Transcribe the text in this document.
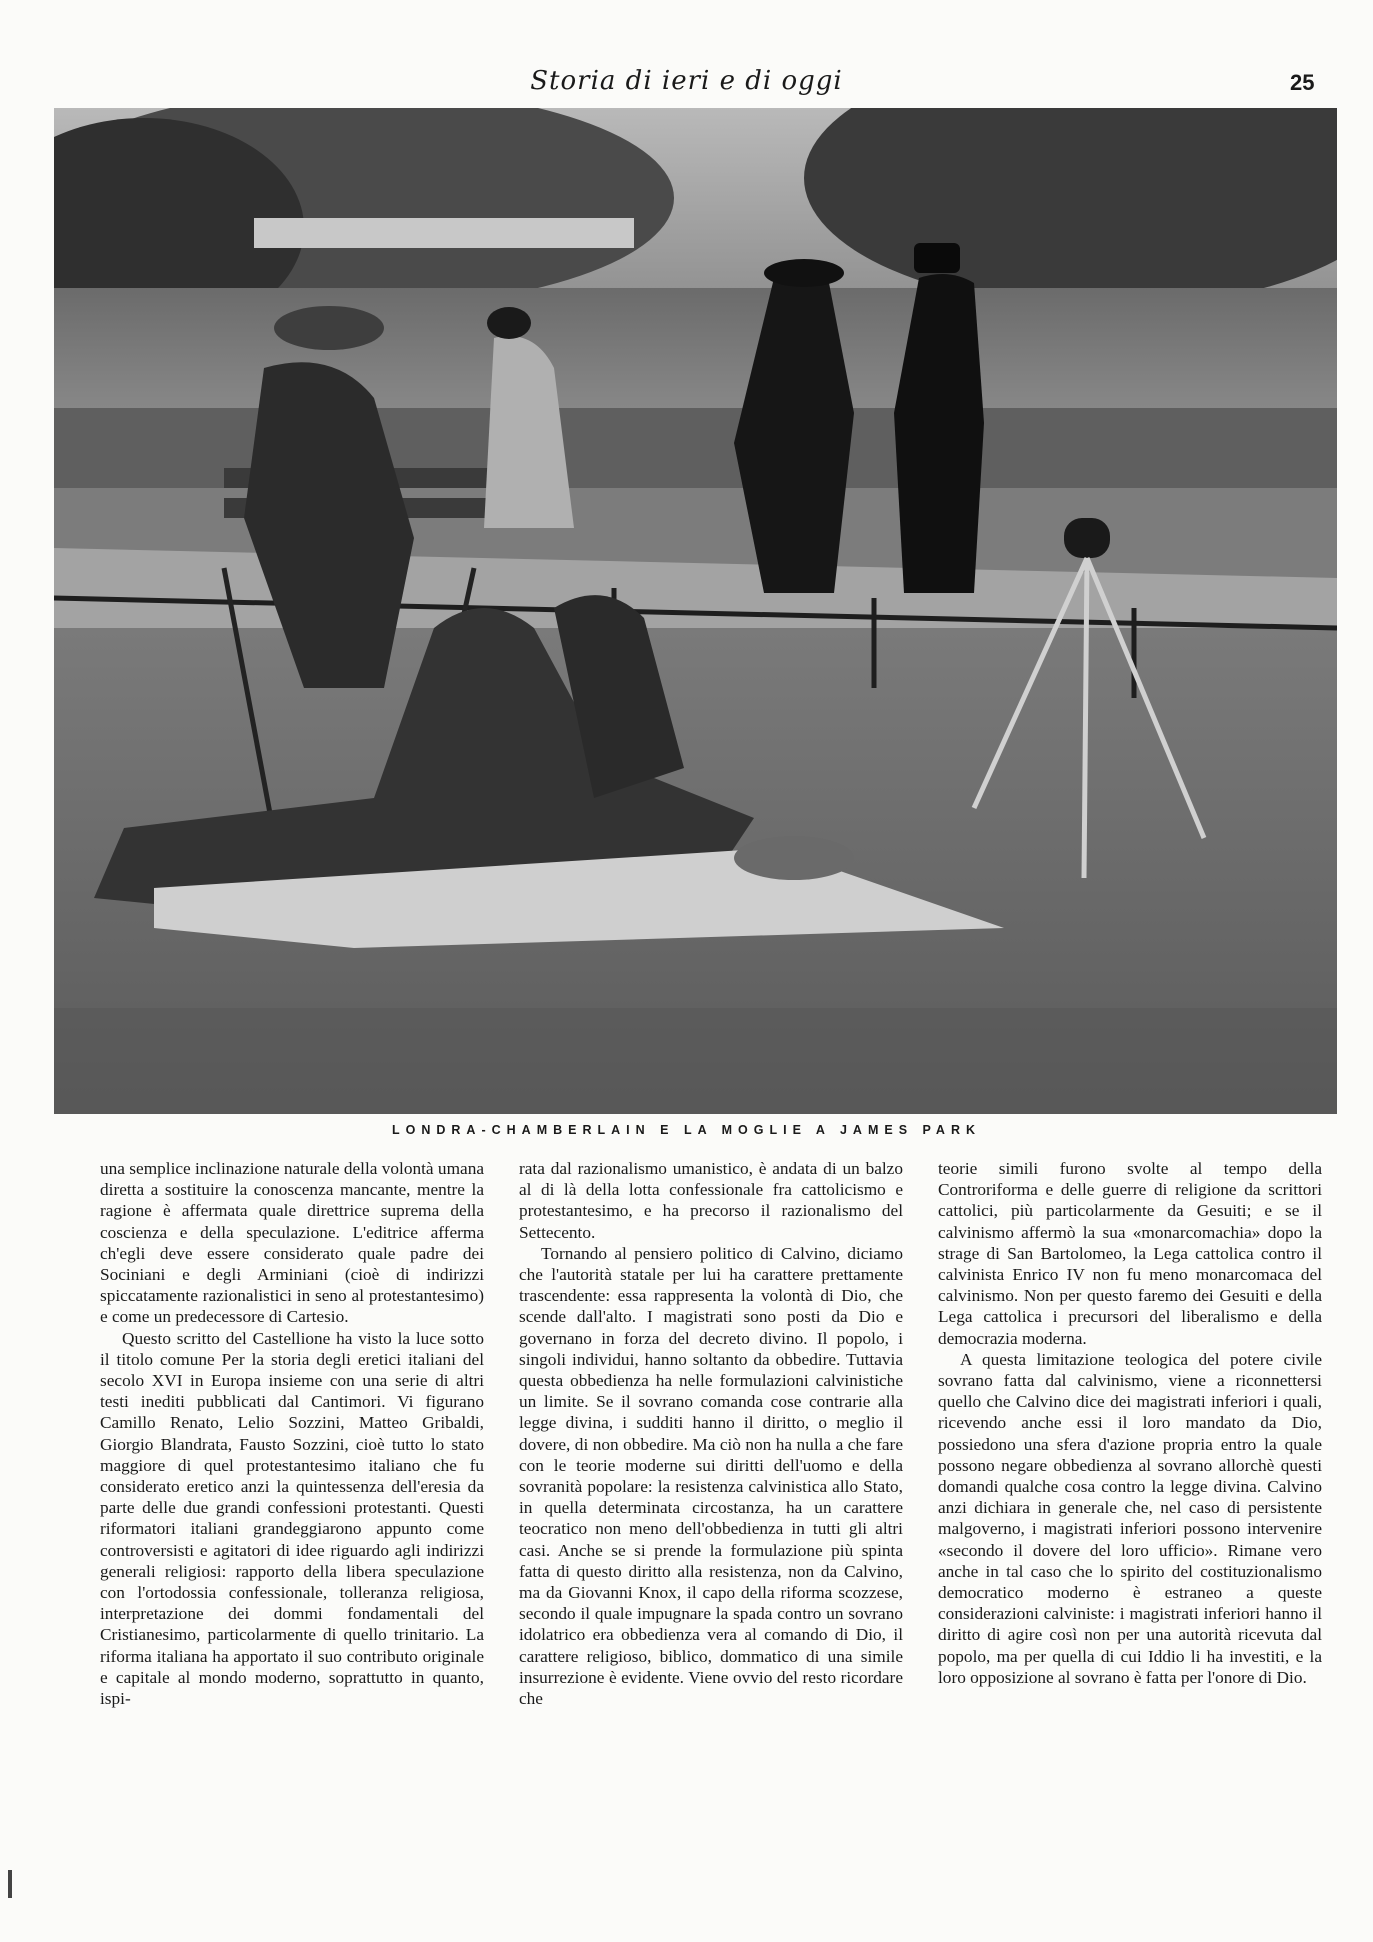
Storia di ieri e di oggi	25
LONDRA-CHAMBERLAIN E LA MOGLIE A JAMES PARK

una semplice inclinazione naturale della volontà umana diretta a sostituire la conoscenza mancante, mentre la ragione è affermata quale direttrice suprema della coscienza e della speculazione. L'editrice afferma ch'egli deve essere considerato quale padre dei Sociniani e degli Arminiani (cioè di indirizzi spiccatamente razionalistici in seno al protestantesimo) e come un predecessore di Cartesio.

Questo scritto del Castellione ha visto la luce sotto il titolo comune Per la storia degli eretici italiani del secolo XVI in Europa insieme con una serie di altri testi inediti pubblicati dal Cantimori. Vi figurano Camillo Renato, Lelio Sozzini, Matteo Gribaldi, Giorgio Blandrata, Fausto Sozzini, cioè tutto lo stato maggiore di quel protestantesimo italiano che fu considerato eretico anzi la quintessenza dell'eresia da parte delle due grandi confessioni protestanti. Questi riformatori italiani grandeggiarono appunto come controversisti e agitatori di idee riguardo agli indirizzi generali religiosi: rapporto della libera speculazione con l'ortodossia confessionale, tolleranza religiosa, interpretazione dei dommi fondamentali del Cristianesimo, particolarmente di quello trinitario. La riforma italiana ha apportato il suo contributo originale e capitale al mondo moderno, soprattutto in quanto, ispi-

rata dal razionalismo umanistico, è andata di un balzo al di là della lotta confessionale fra cattolicismo e protestantesimo, e ha precorso il razionalismo del Settecento.

Tornando al pensiero politico di Calvino, diciamo che l'autorità statale per lui ha carattere prettamente trascendente: essa rappresenta la volontà di Dio, che scende dall'alto. I magistrati sono posti da Dio e governano in forza del decreto divino. Il popolo, i singoli individui, hanno soltanto da obbedire. Tuttavia questa obbedienza ha nelle formulazioni calvinistiche un limite. Se il sovrano comanda cose contrarie alla legge divina, i sudditi hanno il diritto, o meglio il dovere, di non obbedire. Ma ciò non ha nulla a che fare con le teorie moderne sui diritti dell'uomo e della sovranità popolare: la resistenza calvinistica allo Stato, in quella determinata circostanza, ha un carattere teocratico non meno dell'obbedienza in tutti gli altri casi. Anche se si prende la formulazione più spinta fatta di questo diritto alla resistenza, non da Calvino, ma da Giovanni Knox, il capo della riforma scozzese, secondo il quale impugnare la spada contro un sovrano idolatrico era obbedienza vera al comando di Dio, il carattere religioso, biblico, dommatico di una simile insurrezione è evidente. Viene ovvio del resto ricordare che

teorie simili furono svolte al tempo della Controriforma e delle guerre di religione da scrittori cattolici, più particolarmente da Gesuiti; e se il calvinismo affermò la sua «monarcomachia» dopo la strage di San Bartolomeo, la Lega cattolica contro il calvinista Enrico IV non fu meno monarcomaca del calvinismo. Non per questo faremo dei Gesuiti e della Lega cattolica i precursori del liberalismo e della democrazia moderna.

A questa limitazione teologica del potere civile sovrano fatta dal calvinismo, viene a riconnettersi quello che Calvino dice dei magistrati inferiori i quali, ricevendo anche essi il loro mandato da Dio, possiedono una sfera d'azione propria entro la quale possono negare obbedienza al sovrano allorchè questi domandi qualche cosa contro la legge divina. Calvino anzi dichiara in generale che, nel caso di persistente malgoverno, i magistrati inferiori possono intervenire «secondo il dovere del loro ufficio». Rimane vero anche in tal caso che lo spirito del costituzionalismo democratico moderno è estraneo a queste considerazioni calviniste: i magistrati inferiori hanno il diritto di agire così non per una autorità ricevuta dal popolo, ma per quella di cui Iddio li ha investiti, e la loro opposizione al sovrano è fatta per l'onore di Dio.
